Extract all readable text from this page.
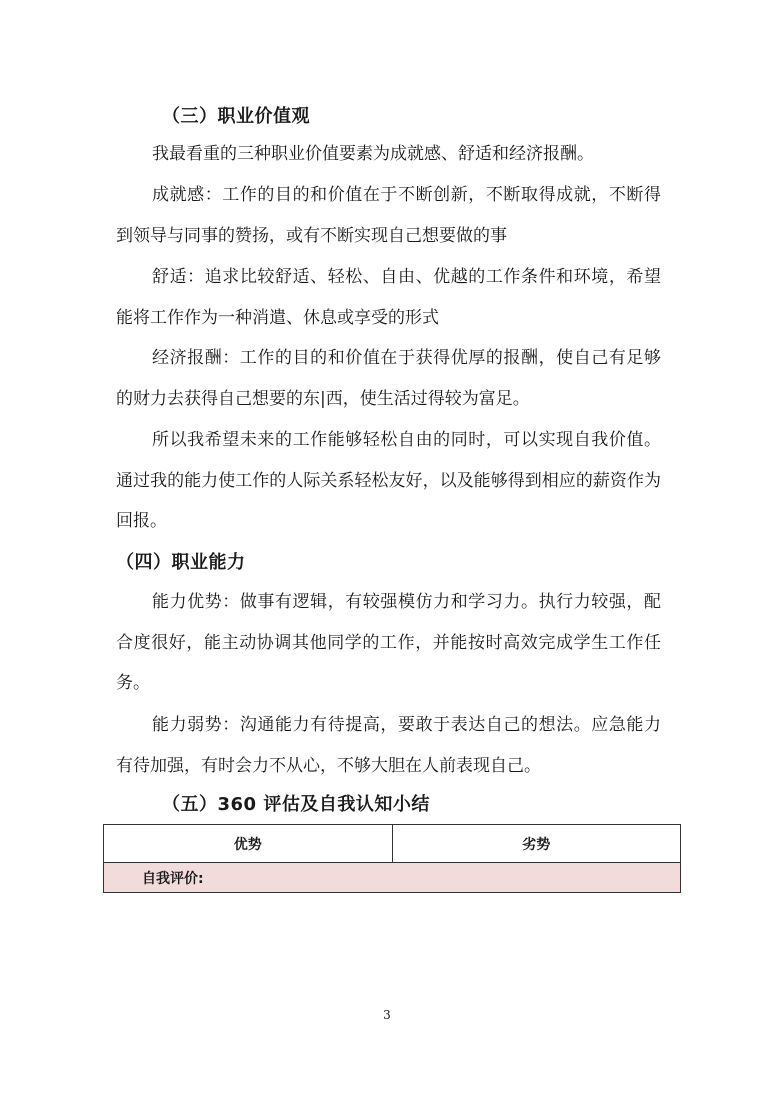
（三）职业价值观

我最看重的三种职业价值要素为成就感、舒适和经济报酬。

成就感：工作的目的和价值在于不断创新，不断取得成就，不断得到领导与同事的赞扬，或有不断实现自己想要做的事

舒适：追求比较舒适、轻松、自由、优越的工作条件和环境，希望能将工作作为一种消遣、休息或享受的形式

经济报酬：工作的目的和价值在于获得优厚的报酬，使自己有足够的财力去获得自己想要的东|西，使生活过得较为富足。

所以我希望未来的工作能够轻松自由的同时，可以实现自我价值。通过我的能力使工作的人际关系轻松友好，以及能够得到相应的薪资作为回报。

（四）职业能力

能力优势：做事有逻辑，有较强模仿力和学习力。执行力较强，配合度很好，能主动协调其他同学的工作，并能按时高效完成学生工作任务。

能力弱势：沟通能力有待提高，要敢于表达自己的想法。应急能力有待加强，有时会力不从心，不够大胆在人前表现自己。

（五）360 评估及自我认知小结
优势	劣势
自我评价:
3
